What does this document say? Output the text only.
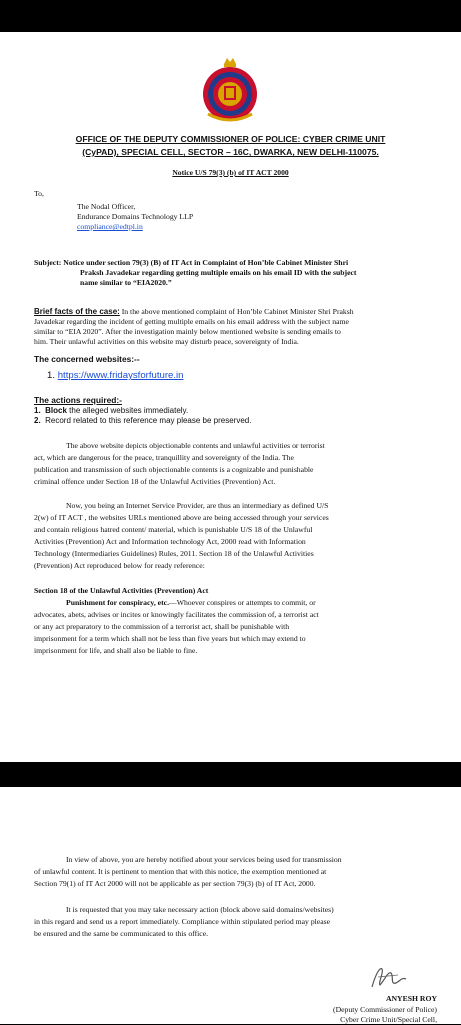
OFFICE OF THE DEPUTY COMMISSIONER OF POLICE: CYBER CRIME UNIT
(CyPAD), SPECIAL CELL, SECTOR – 16C, DWARKA, NEW DELHI-110075.
Notice U/S 79(3) (b) of IT ACT 2000
To,
The Nodal Officer,
Endurance Domains Technology LLP
compliance@edtpl.in
Subject: Notice under section 79(3) (B) of IT Act in Complaint of Hon’ble Cabinet Minister Shri
Praksh Javadekar regarding getting multiple emails on his email ID with the subject
name similar to “EIA2020.”
Brief facts of the case: In the above mentioned complaint of Hon’ble Cabinet Minister Shri Praksh
Javadekar regarding the incident of getting multiple emails on his email address with the subject name
similar to “EIA 2020”. After the investigation mainly below mentioned website is sending emails to
him. Their unlawful activities on this website may disturb peace, sovereignty of India.
The concerned websites:--
1. https://www.fridaysforfuture.in
The actions required:-
1. Block the alleged websites immediately.
2. Record related to this reference may please be preserved.
The above website depicts objectionable contents and unlawful activities or terrorist
act, which are dangerous for the peace, tranquillity and sovereignty of the India. The
publication and transmission of such objectionable contents is a cognizable and punishable
criminal offence under Section 18 of the Unlawful Activities (Prevention) Act.
Now, you being an Internet Service Provider, are thus an intermediary as defined U/S
2(w) of IT ACT , the websites URLs mentioned above are being accessed through your services
and contain religious hatred content/ material, which is punishable U/S 18 of the Unlawful
Activities (Prevention) Act and Information technology Act, 2000 read with Information
Technology (Intermediaries Guidelines) Rules, 2011. Section 18 of the Unlawful Activities
(Prevention) Act reproduced below for ready reference:
Section 18 of the Unlawful Activities (Prevention) Act
Punishment for conspiracy, etc.—Whoever conspires or attempts to commit, or
advocates, abets, advises or incites or knowingly facilitates the commission of, a terrorist act
or any act preparatory to the commission of a terrorist act, shall be punishable with
imprisonment for a term which shall not be less than five years but which may extend to
imprisonment for life, and shall also be liable to fine.
In view of above, you are hereby notified about your services being used for transmission
of unlawful content. It is pertinent to mention that with this notice, the exemption mentioned at
Section 79(1) of IT Act 2000 will not be applicable as per section 79(3) (b) of IT Act, 2000.
It is requested that you may take necessary action (block above said domains/websites)
in this regard and send us a report immediately. Compliance within stipulated period may please
be ensured and the same be communicated to this office.
ANYESH ROY
(Deputy Commissioner of Police)
Cyber Crime Unit/Special Cell,
